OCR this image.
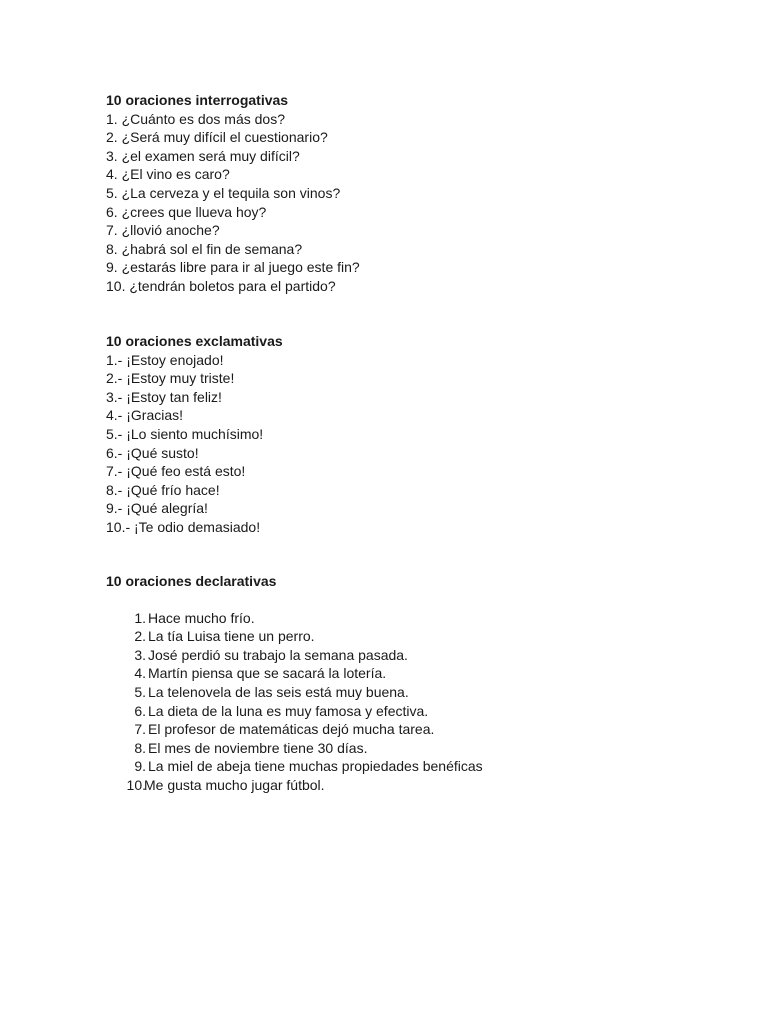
10 oraciones interrogativas
1. ¿Cuánto es dos más dos?
2. ¿Será muy difícil el cuestionario?
3. ¿el examen será muy difícil?
4. ¿El vino es caro?
5. ¿La cerveza y el tequila son vinos?
6. ¿crees que llueva hoy?
7. ¿llovió anoche?
8. ¿habrá sol el fin de semana?
9. ¿estarás libre para ir al juego este fin?
10. ¿tendrán boletos para el partido?
10 oraciones exclamativas
1.- ¡Estoy enojado!
2.- ¡Estoy muy triste!
3.- ¡Estoy tan feliz!
4.- ¡Gracias!
5.- ¡Lo siento muchísimo!
6.- ¡Qué susto!
7.- ¡Qué feo está esto!
8.- ¡Qué frío hace!
9.- ¡Qué alegría!
10.- ¡Te odio demasiado!
10 oraciones declarativas
1. Hace mucho frío.
2. La tía Luisa tiene un perro.
3. José perdió su trabajo la semana pasada.
4. Martín piensa que se sacará la lotería.
5. La telenovela de las seis está muy buena.
6. La dieta de la luna es muy famosa y efectiva.
7. El profesor de matemáticas dejó mucha tarea.
8. El mes de noviembre tiene 30 días.
9. La miel de abeja tiene muchas propiedades benéficas
10.
Me gusta mucho jugar fútbol.
